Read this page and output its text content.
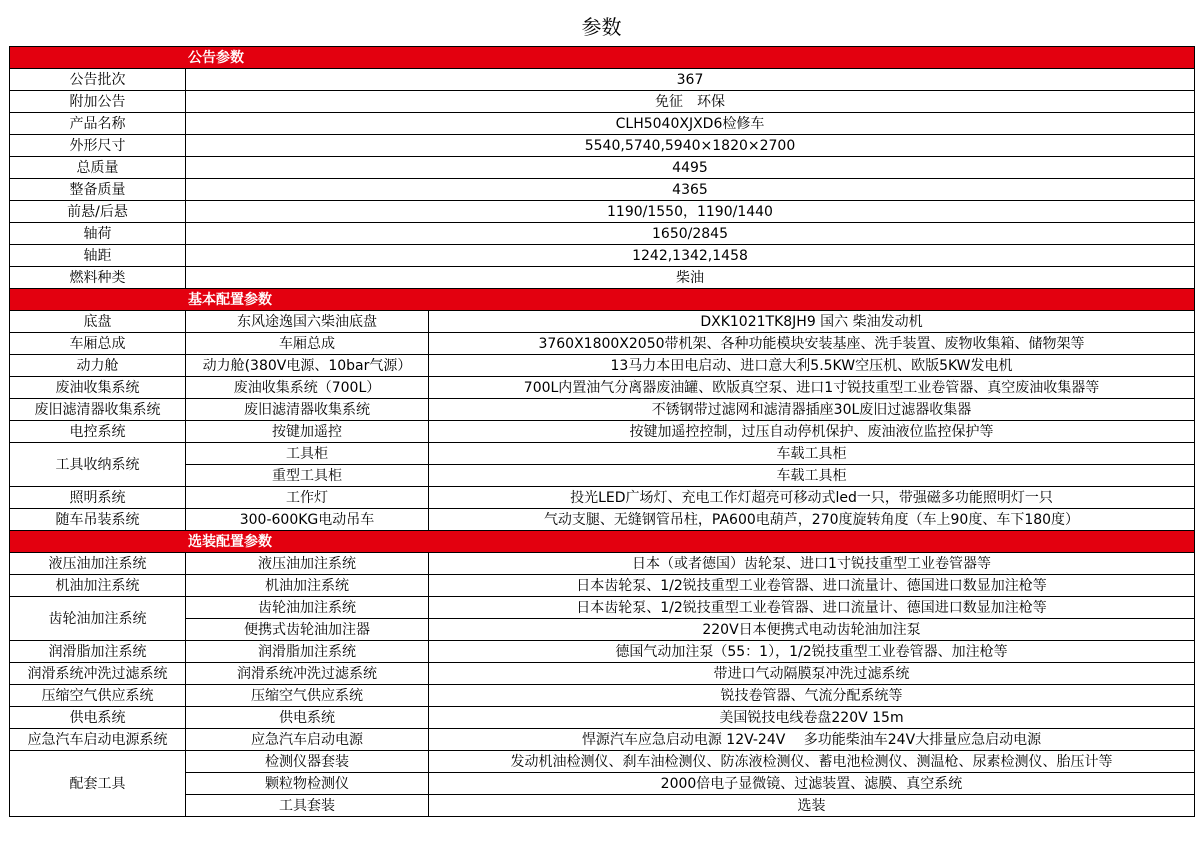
参数
公告参数		
公告批次	367	
附加公告	免征　环保	
产品名称	CLH5040XJXD6检修车	
外形尺寸	5540,5740,5940×1820×2700	
总质量	4495	
整备质量	4365	
前悬/后悬	1190/1550，1190/1440	
轴荷	1650/2845	
轴距	1242,1342,1458	
燃料种类	柴油	
基本配置参数		
底盘	东风途逸国六柴油底盘	DXK1021TK8JH9 国六 柴油发动机
车厢总成	车厢总成	3760X1800X2050带机架、各种功能模块安装基座、洗手装置、废物收集箱、储物架等
动力舱	动力舱(380V电源、10bar气源）	13马力本田电启动、进口意大利5.5KW空压机、欧版5KW发电机
废油收集系统	废油收集系统（700L）	700L内置油气分离器废油罐、欧版真空泵、进口1寸锐技重型工业卷管器、真空废油收集器等
废旧滤清器收集系统	废旧滤清器收集系统	不锈钢带过滤网和滤清器插座30L废旧过滤器收集器
电控系统	按键加遥控	按键加遥控控制，过压自动停机保护、废油液位监控保护等
工具收纳系统	工具柜	车载工具柜
	重型工具柜	车载工具柜
照明系统	工作灯	投光LED广场灯、充电工作灯超亮可移动式led一只，带强磁多功能照明灯一只
随车吊装系统	300-600KG电动吊车	气动支腿、无缝钢管吊柱，PA600电葫芦，270度旋转角度（车上90度、车下180度）
选装配置参数		
液压油加注系统	液压油加注系统	日本（或者德国）齿轮泵、进口1寸锐技重型工业卷管器等
机油加注系统	机油加注系统	日本齿轮泵、1/2锐技重型工业卷管器、进口流量计、德国进口数显加注枪等
齿轮油加注系统	齿轮油加注系统	日本齿轮泵、1/2锐技重型工业卷管器、进口流量计、德国进口数显加注枪等
	便携式齿轮油加注器	220V日本便携式电动齿轮油加注泵
润滑脂加注系统	润滑脂加注系统	德国气动加注泵（55：1），1/2锐技重型工业卷管器、加注枪等
润滑系统冲洗过滤系统	润滑系统冲洗过滤系统	带进口气动隔膜泵冲洗过滤系统
压缩空气供应系统	压缩空气供应系统	锐技卷管器、气流分配系统等
供电系统	供电系统	美国锐技电线卷盘220V 15m
应急汽车启动电源系统	应急汽车启动电源	悍源汽车应急启动电源 12V-24V　 多功能柴油车24V大排量应急启动电源
配套工具	检测仪器套装	发动机油检测仪、刹车油检测仪、防冻液检测仪、蓄电池检测仪、测温枪、尿素检测仪、胎压计等
	颗粒物检测仪	2000倍电子显微镜、过滤装置、滤膜、真空系统
	工具套装	选装
